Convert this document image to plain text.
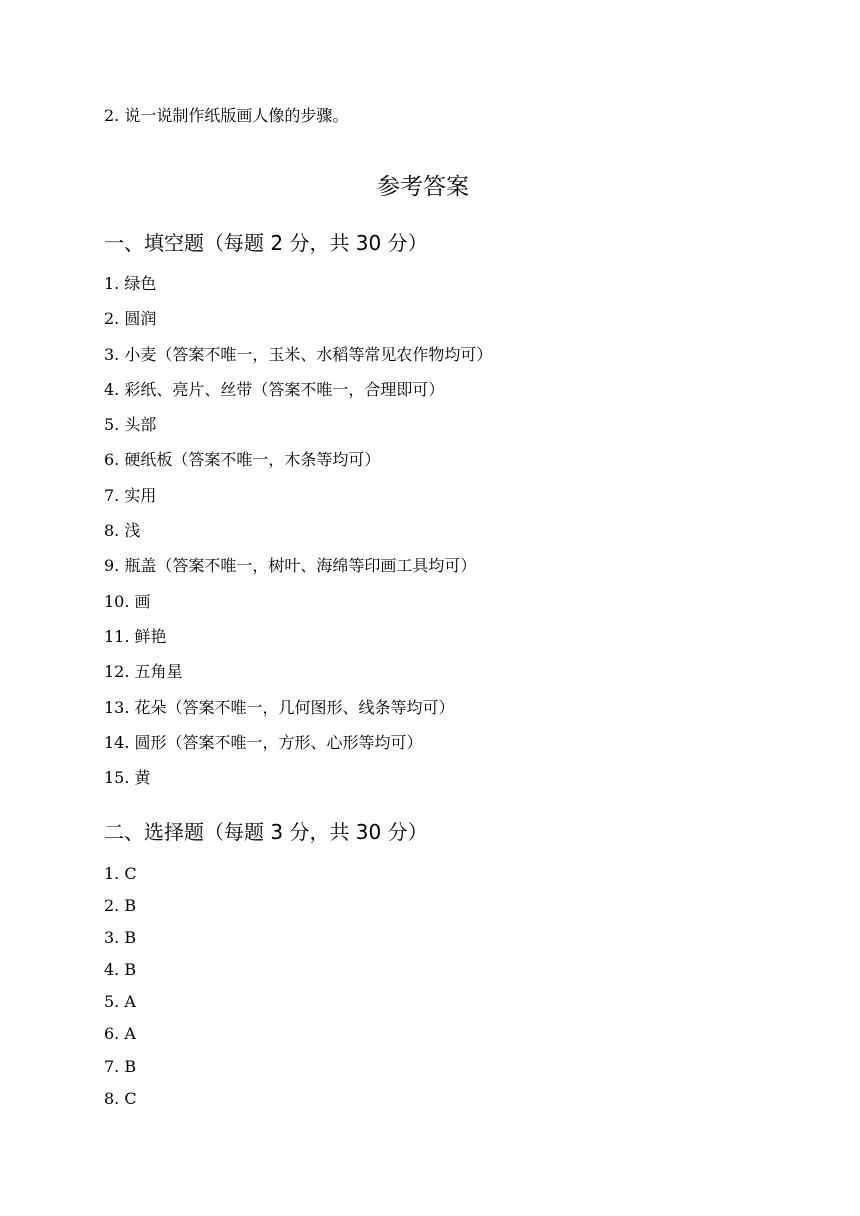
2. 说一说制作纸版画人像的步骤。
参考答案
一、填空题（每题 2 分，共 30 分）
1. 绿色
2. 圆润
3. 小麦（答案不唯一，玉米、水稻等常见农作物均可）
4. 彩纸、亮片、丝带（答案不唯一，合理即可）
5. 头部
6. 硬纸板（答案不唯一，木条等均可）
7. 实用
8. 浅
9. 瓶盖（答案不唯一，树叶、海绵等印画工具均可）
10. 画
11. 鲜艳
12. 五角星
13. 花朵（答案不唯一，几何图形、线条等均可）
14. 圆形（答案不唯一，方形、心形等均可）
15. 黄
二、选择题（每题 3 分，共 30 分）
1. C
2. B
3. B
4. B
5. A
6. A
7. B
8. C
